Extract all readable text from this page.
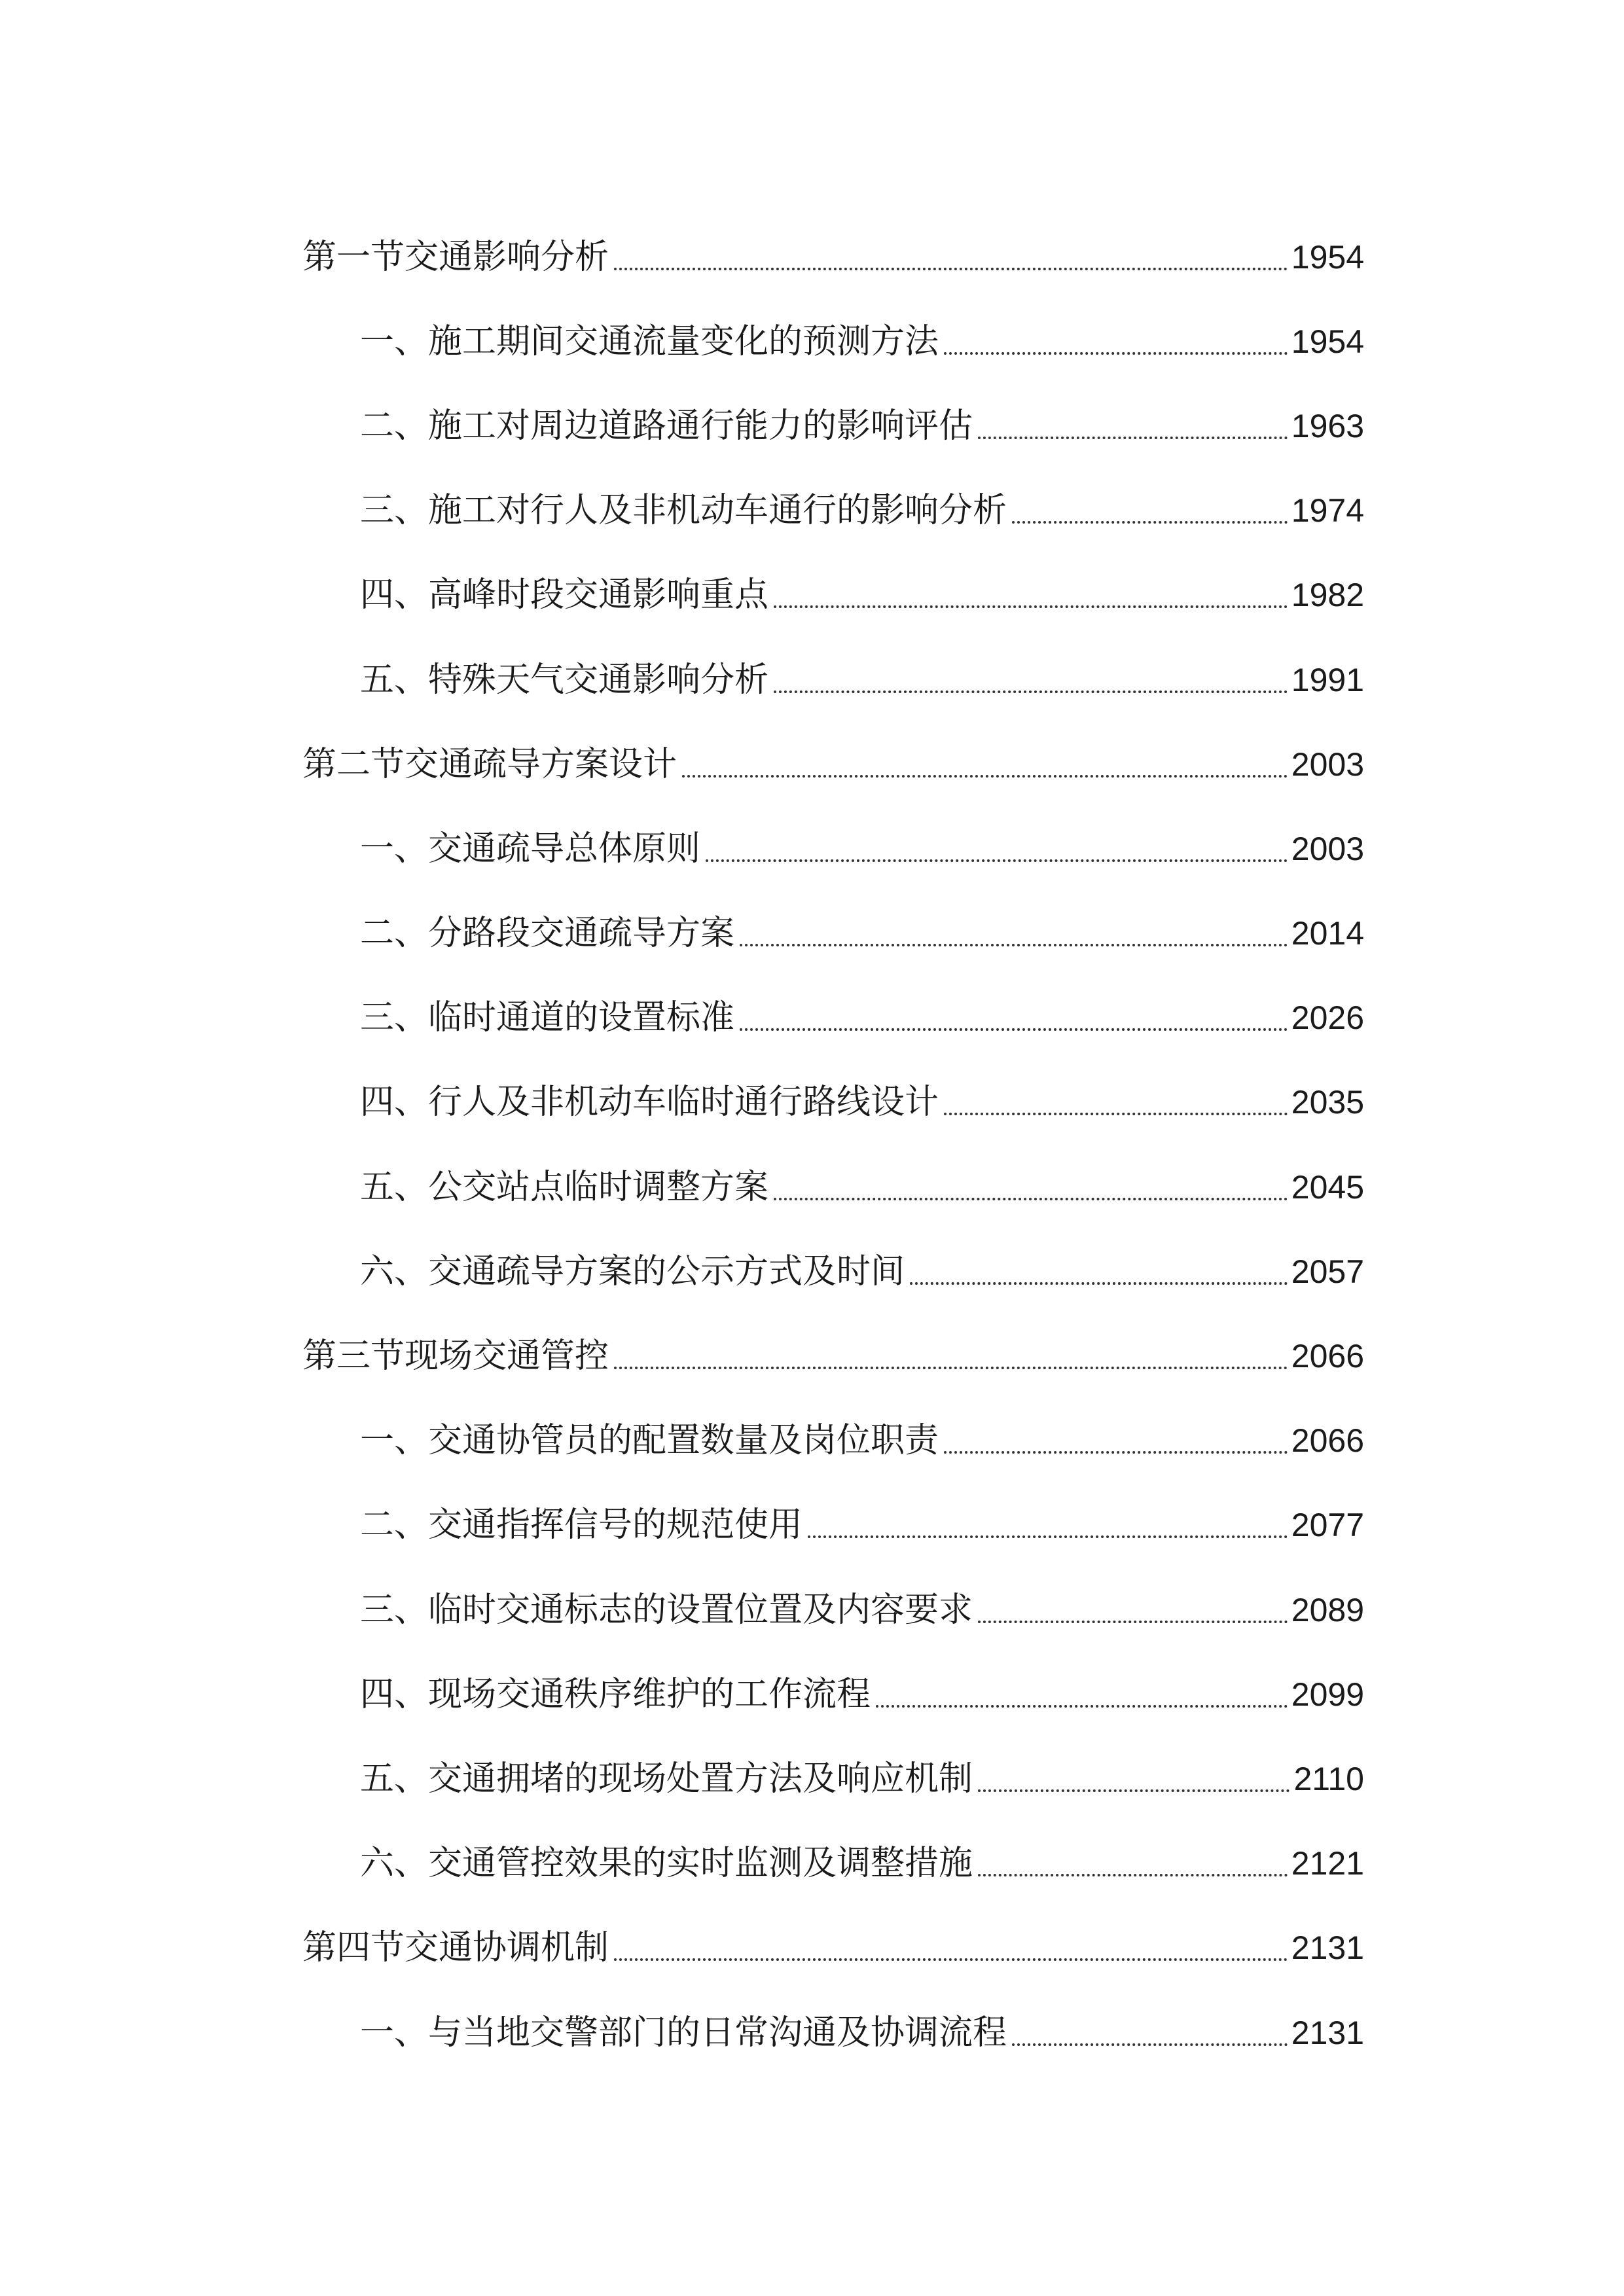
第一节交通影响分析	1954
一、施工期间交通流量变化的预测方法	1954
二、施工对周边道路通行能力的影响评估	1963
三、施工对行人及非机动车通行的影响分析	1974
四、高峰时段交通影响重点	1982
五、特殊天气交通影响分析	1991
第二节交通疏导方案设计	2003
一、交通疏导总体原则	2003
二、分路段交通疏导方案	2014
三、临时通道的设置标准	2026
四、行人及非机动车临时通行路线设计	2035
五、公交站点临时调整方案	2045
六、交通疏导方案的公示方式及时间	2057
第三节现场交通管控	2066
一、交通协管员的配置数量及岗位职责	2066
二、交通指挥信号的规范使用	2077
三、临时交通标志的设置位置及内容要求	2089
四、现场交通秩序维护的工作流程	2099
五、交通拥堵的现场处置方法及响应机制	2110
六、交通管控效果的实时监测及调整措施	2121
第四节交通协调机制	2131
一、与当地交警部门的日常沟通及协调流程	2131
